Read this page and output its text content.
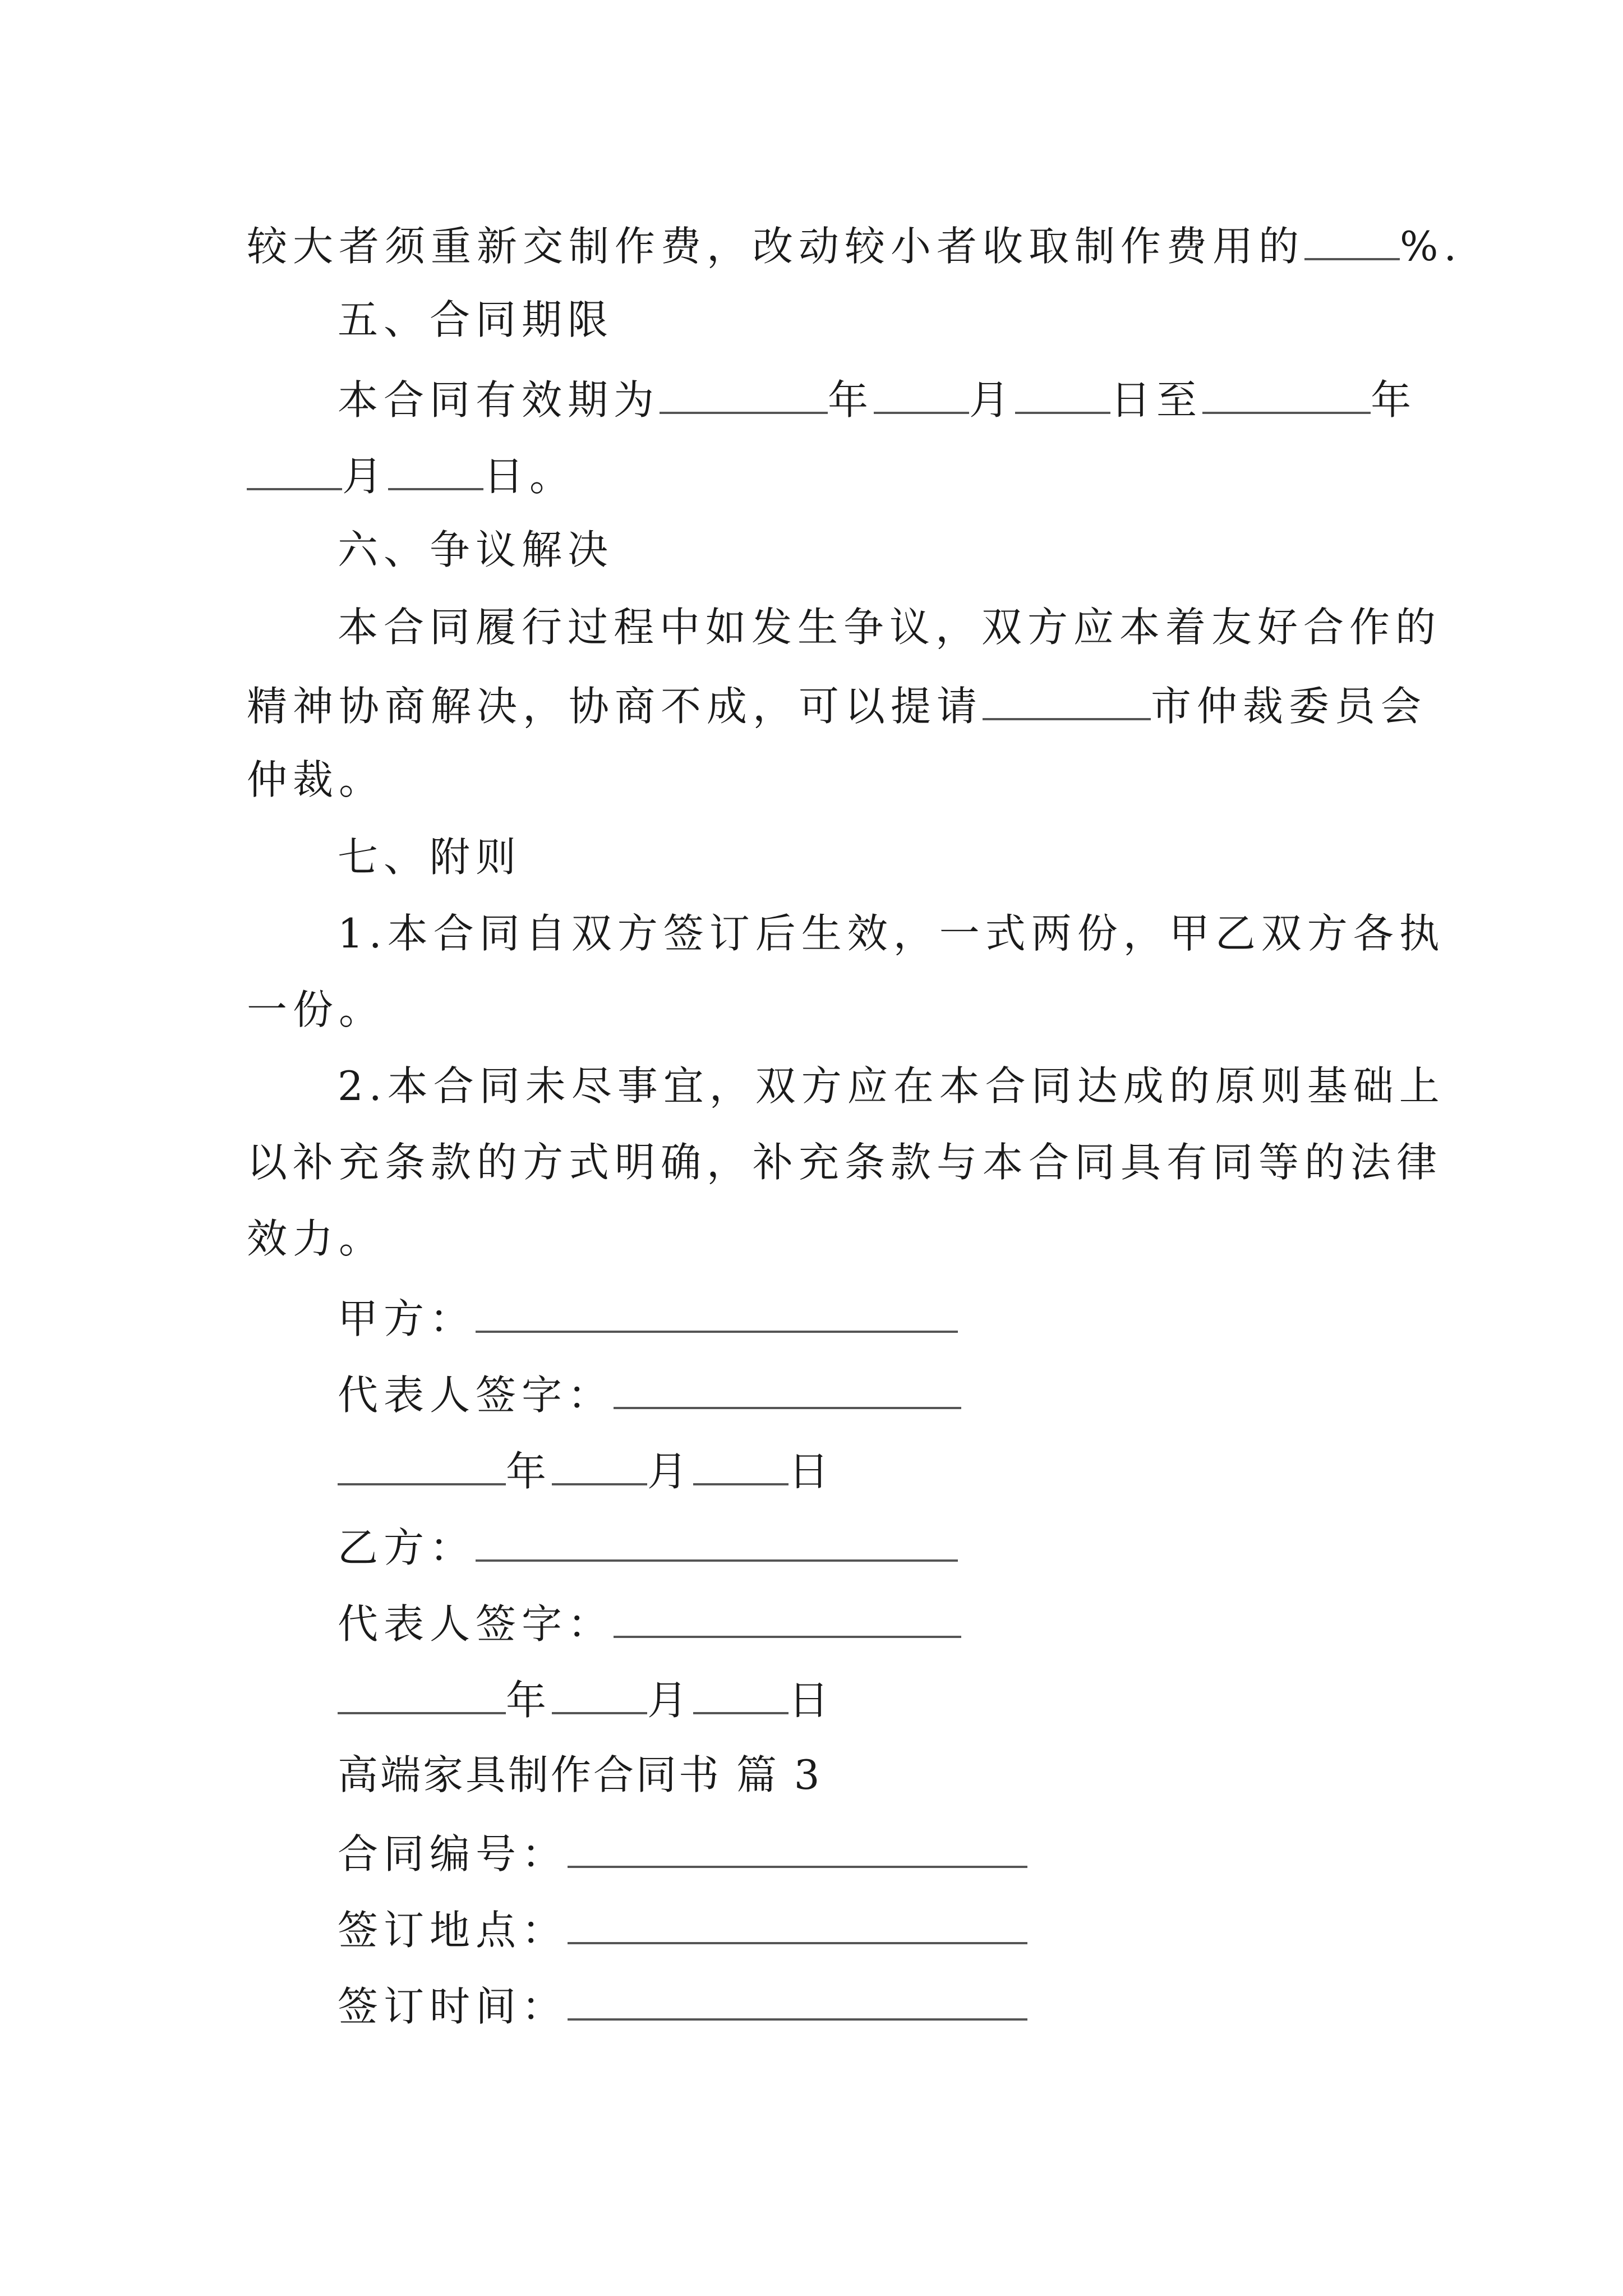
较大者须重新交制作费，改动较小者收取制作费用的 %.
五、合同期限
本合同有效期为	年 月 日至	年
月 日。
六、争议解决
本合同履行过程中如发生争议，双方应本着友好合作的
精神协商解决，协商不成，可以提请	市仲裁委员会
仲裁。
七、附则
1.本合同自双方签订后生效，一式两份，甲乙双方各执
一份。
2.本合同未尽事宜，双方应在本合同达成的原则基础上
以补充条款的方式明确，补充条款与本合同具有同等的法律
效力。
甲方：
代表人签字：
年 月 日
乙方：
代表人签字：
年 月 日
高端家具制作合同书 篇 3
合同编号：
签订地点：
签订时间：
